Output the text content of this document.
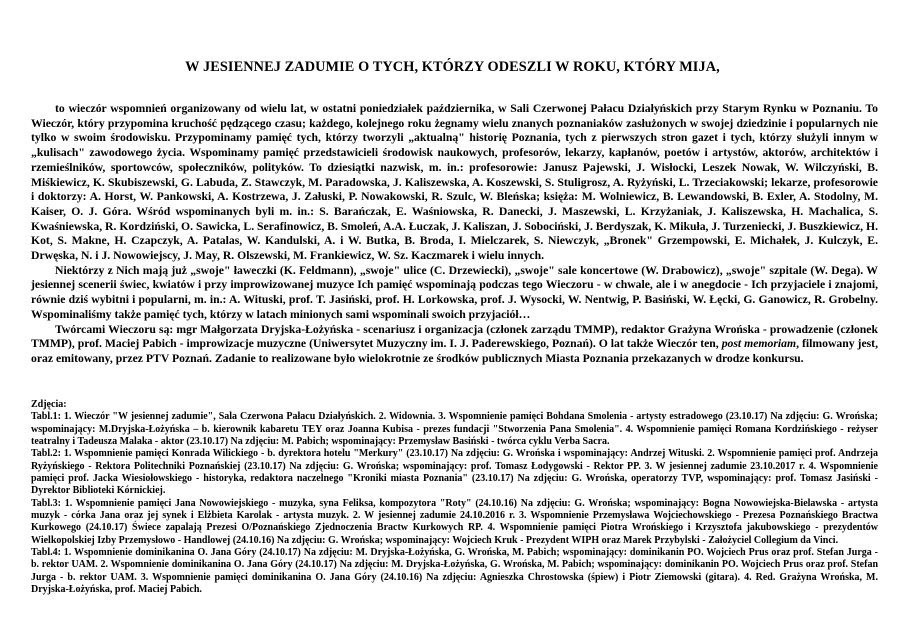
W JESIENNEJ ZADUMIE O TYCH, KTÓRZY ODESZLI W ROKU, KTÓRY MIJA,

to wieczór wspomnień organizowany od wielu lat, w ostatni poniedziałek października, w Sali Czerwonej Pałacu Działyńskich przy Starym Rynku w Poznaniu. To Wieczór, który przypomina kruchość pędzącego czasu; każdego, kolejnego roku żegnamy wielu znanych poznaniaków zasłużonych w swojej dziedzinie i popularnych nie tylko w swoim środowisku. Przypominamy pamięć tych, którzy tworzyli „aktualną" historię Poznania, tych z pierwszych stron gazet i tych, którzy służyli innym w „kulisach" zawodowego życia. Wspominamy pamięć przedstawicieli środowisk naukowych, profesorów, lekarzy, kapłanów, poetów i artystów, aktorów, architektów i rzemieślników, sportowców, społeczników, polityków. To dziesiątki nazwisk, m. in.: profesorowie: Janusz Pajewski, J. Wisłocki, Leszek Nowak, W. Wilczyński, B. Miśkiewicz, K. Skubiszewski, G. Labuda, Z. Stawczyk, M. Paradowska, J. Kaliszewska, A. Koszewski, S. Stuligrosz, A. Ryżyński, L. Trzeciakowski; lekarze, profesorowie i doktorzy: A. Horst, W. Pankowski, A. Kostrzewa, J. Załuski, P. Nowakowski, R. Szulc, W. Bleńska; księża: M. Wolniewicz, B. Lewandowski, B. Exler, A. Stodolny, M. Kaiser, O. J. Góra. Wśród wspominanych byli m. in.: S. Barańczak, E. Waśniowska, R. Danecki, J. Maszewski, L. Krzyżaniak, J. Kaliszewska, H. Machalica, S. Kwaśniewska, R. Kordziński, O. Sawicka, L. Serafinowicz, B. Smoleń, A.A. Łuczak, J. Kaliszan, J. Sobociński, J. Berdyszak, K. Mikuła, J. Turzeniecki, J. Buszkiewicz, H. Kot, S. Makne, H. Czapczyk, A. Patalas, W. Kandulski, A. i W. Butka, B. Broda, I. Mielczarek, S. Niewczyk, „Bronek" Grzempowski, E. Michałek, J. Kulczyk, E. Drwęska, N. i J. Nowowiejscy, J. May, R. Olszewski, M. Frankiewicz, W. Sz. Kaczmarek i wielu innych.

Niektórzy z Nich mają już „swoje" ławeczki (K. Feldmann), „swoje" ulice (C. Drzewiecki), „swoje" sale koncertowe (W. Drabowicz), „swoje" szpitale (W. Dega). W jesiennej scenerii świec, kwiatów i przy improwizowanej muzyce Ich pamięć wspominają podczas tego Wieczoru - w chwale, ale i w anegdocie - Ich przyjaciele i znajomi, równie dziś wybitni i popularni, m. in.: A. Wituski, prof. T. Jasiński, prof. H. Lorkowska, prof. J. Wysocki, W. Nentwig, P. Basiński, W. Łęcki, G. Ganowicz, R. Grobelny. Wspominaliśmy także pamięć tych, którzy w latach minionych sami wspominali swoich przyjaciół…

Twórcami Wieczoru są: mgr Małgorzata Dryjska-Łożyńska - scenariusz i organizacja (członek zarządu TMMP), redaktor Grażyna Wrońska - prowadzenie (członek TMMP), prof. Maciej Pabich - improwizacje muzyczne (Uniwersytet Muzyczny im. I. J. Paderewskiego, Poznań). O lat także Wieczór ten, post memoriam, filmowany jest, oraz emitowany, przez PTV Poznań. Zadanie to realizowane było wielokrotnie ze środków publicznych Miasta Poznania przekazanych w drodze konkursu.

Zdjęcia:

Tabl.1: 1. Wieczór "W jesiennej zadumie", Sala Czerwona Pałacu Działyńskich. 2. Widownia. 3. Wspomnienie pamięci Bohdana Smolenia - artysty estradowego (23.10.17) Na zdjęciu: G. Wrońska; wspominający: M.Dryjska-Łożyńska – b. kierownik kabaretu TEY oraz Joanna Kubisa - prezes fundacji "Stworzenia Pana Smolenia". 4. Wspomnienie pamięci Romana Kordzińskiego - reżyser teatralny i Tadeusza Malaka - aktor (23.10.17) Na zdjęciu: M. Pabich; wspominający: Przemysław Basiński - twórca cyklu Verba Sacra.

Tabl.2: 1. Wspomnienie pamięci Konrada Wilickiego - b. dyrektora hotelu "Merkury" (23.10.17) Na zdjęciu: G. Wrońska i wspominający: Andrzej Wituski. 2. Wspomnienie pamięci prof. Andrzeja Ryżyńskiego - Rektora Politechniki Poznańskiej (23.10.17) Na zdjęciu: G. Wrońska; wspominający: prof. Tomasz Łodygowski - Rektor PP. 3. W jesiennej zadumie 23.10.2017 r. 4. Wspomnienie pamięci prof. Jacka Wiesiołowskiego - historyka, redaktora naczelnego "Kroniki miasta Poznania" (23.10.17) Na zdjęciu: G. Wrońska, operatorzy TVP, wspominający: prof. Tomasz Jasiński - Dyrektor Biblioteki Kórnickiej.

Tabl.3: 1. Wspomnienie pamięci Jana Nowowiejskiego - muzyka, syna Feliksa, kompozytora "Roty" (24.10.16) Na zdjęciu: G. Wrońska; wspominający: Bogna Nowowiejska-Bielawska - artysta muzyk - córka Jana oraz jej synek i Elżbieta Karolak - artysta muzyk. 2. W jesiennej zadumie 24.10.2016 r. 3. Wspomnienie Przemysława Wojciechowskiego - Prezesa Poznańskiego Bractwa Kurkowego (24.10.17) Świece zapalają Prezesi O/Poznańskiego Zjednoczenia Bractw Kurkowych RP. 4. Wspomnienie pamięci Piotra Wrońskiego i Krzysztofa jakubowskiego - prezydentów Wielkopolskiej Izby Przemysłowo - Handlowej (24.10.16) Na zdjęciu: G. Wrońska; wspominający: Wojciech Kruk - Prezydent WIPH oraz Marek Przybylski - Założyciel Collegium da Vinci.

Tabl.4: 1. Wspomnienie dominikanina O. Jana Góry (24.10.17) Na zdjęciu: M. Dryjska-Łożyńska, G. Wrońska, M. Pabich; wspominający: dominikanin PO. Wojciech Prus oraz prof. Stefan Jurga - b. rektor UAM. 2. Wspomnienie dominikanina O. Jana Góry (24.10.17) Na zdjęciu: M. Dryjska-Łożyńska, G. Wrońska, M. Pabich; wspominający: dominikanin PO. Wojciech Prus oraz prof. Stefan Jurga - b. rektor UAM. 3. Wspomnienie pamięci dominikanina O. Jana Góry (24.10.16) Na zdjęciu: Agnieszka Chrostowska (śpiew) i Piotr Ziemowski (gitara). 4. Red. Grażyna Wrońska, M. Dryjska-Łożyńska, prof. Maciej Pabich.
